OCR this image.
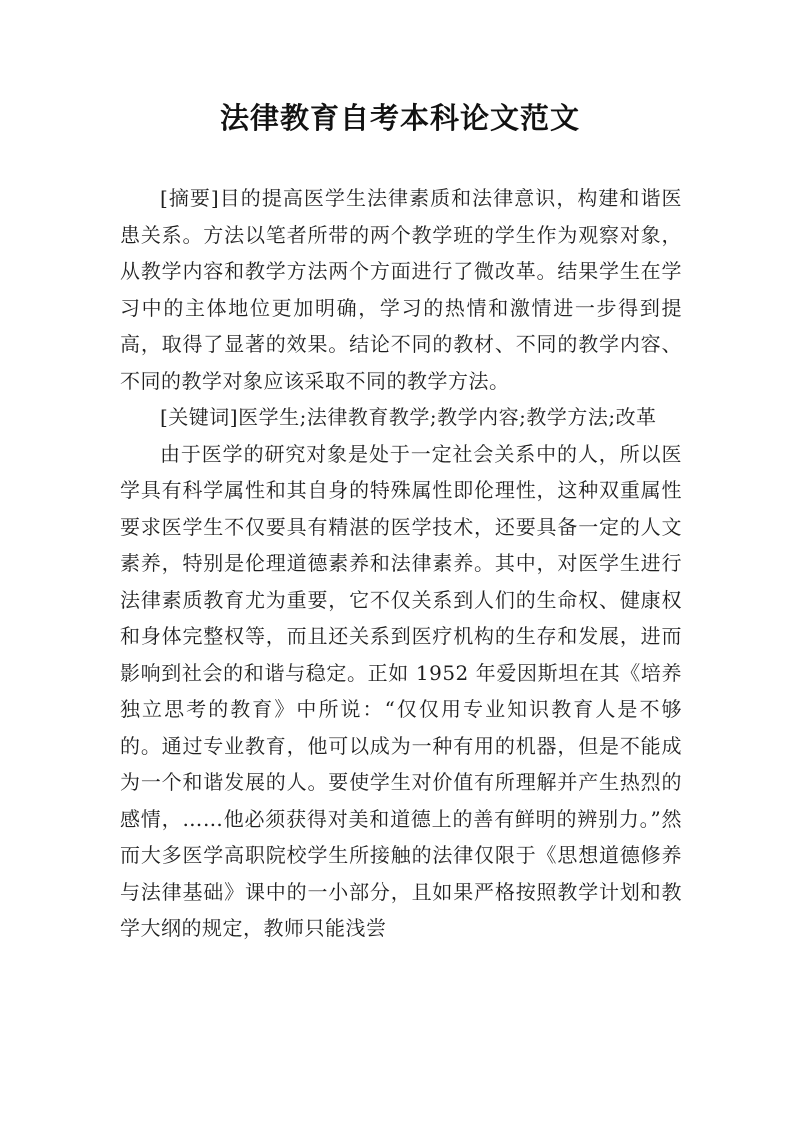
法律教育自考本科论文范文

[摘要]目的提高医学生法律素质和法律意识，构建和谐医患关系。方法以笔者所带的两个教学班的学生作为观察对象，从教学内容和教学方法两个方面进行了微改革。结果学生在学习中的主体地位更加明确，学习的热情和激情进一步得到提高，取得了显著的效果。结论不同的教材、不同的教学内容、不同的教学对象应该采取不同的教学方法。

[关键词]医学生;法律教育教学;教学内容;教学方法;改革

由于医学的研究对象是处于一定社会关系中的人，所以医学具有科学属性和其自身的特殊属性即伦理性，这种双重属性要求医学生不仅要具有精湛的医学技术，还要具备一定的人文素养，特别是伦理道德素养和法律素养。其中，对医学生进行法律素质教育尤为重要，它不仅关系到人们的生命权、健康权和身体完整权等，而且还关系到医疗机构的生存和发展，进而影响到社会的和谐与稳定。正如 1952 年爱因斯坦在其《培养独立思考的教育》中所说：“仅仅用专业知识教育人是不够的。通过专业教育，他可以成为一种有用的机器，但是不能成为一个和谐发展的人。要使学生对价值有所理解并产生热烈的感情，……他必须获得对美和道德上的善有鲜明的辨别力。”然而大多医学高职院校学生所接触的法律仅限于《思想道德修养与法律基础》课中的一小部分，且如果严格按照教学计划和教学大纲的规定，教师只能浅尝
